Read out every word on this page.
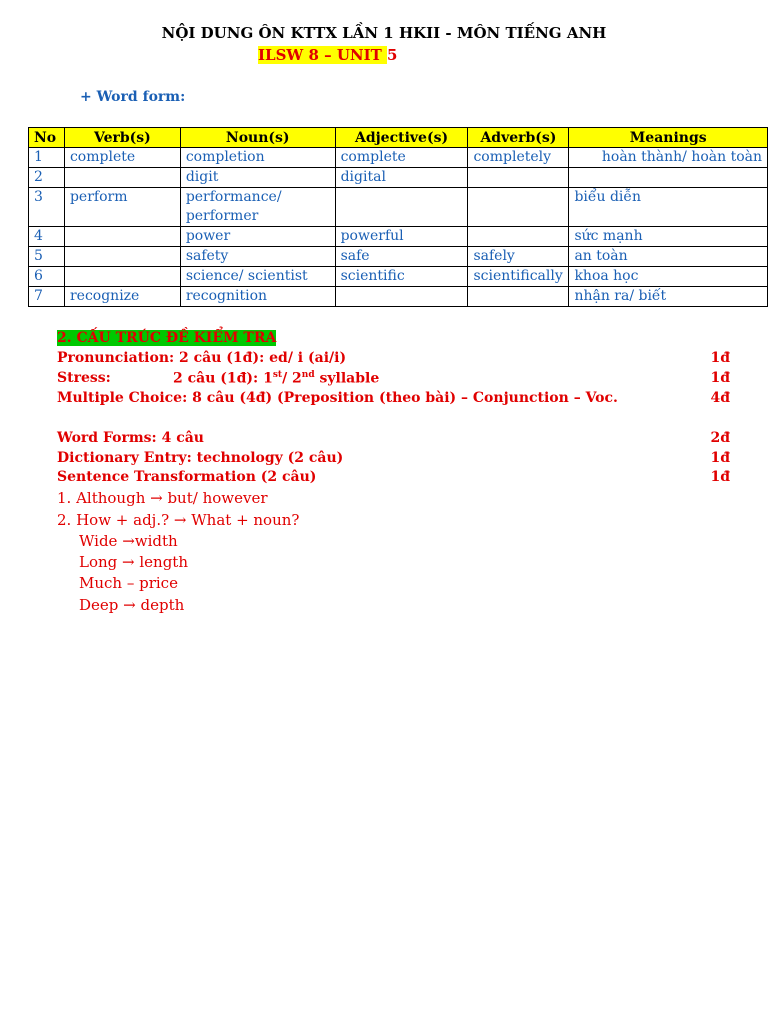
NỘI DUNG ÔN KTTX LẦN 1 HKII - MÔN TIẾNG ANH
ILSW 8 – UNIT 5
+ Word form:
No	Verb(s)	Noun(s)	Adjective(s)	Adverb(s)	Meanings
1	complete	completion	complete	completely	hoàn thành/ hoàn toàn
2		digit	digital		
3	perform	performance/ performer			biểu diễn
4		power	powerful		sức mạnh
5		safety	safe	safely	an toàn
6		science/ scientist	scientific	scientifically	khoa học
7	recognize	recognition			nhận ra/ biết
2. CẤU TRÚC ĐỀ KIỂM TRA
Pronunciation: 2 câu (1đ): ed/ i (ai/i)	1đ
Stress:	2 câu (1đ): 1st/ 2nd syllable	1đ
Multiple Choice: 8 câu (4đ) (Preposition (theo bài) – Conjunction – Voc.	4đ
Word Forms: 4 câu	2đ
Dictionary Entry: technology (2 câu)	1đ
Sentence Transformation (2 câu)	1đ
1. Although → but/ however
2. How + adj.? → What + noun?
Wide →width
Long → length
Much – price
Deep → depth
